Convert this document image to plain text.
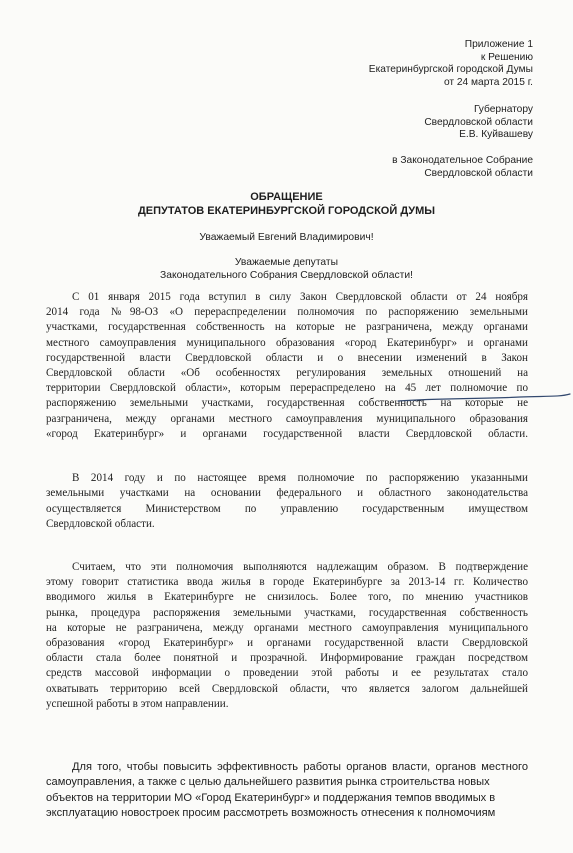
Приложение 1
к Решению
Екатеринбургской городской Думы
от 24 марта 2015 г.
Губернатору
Свердловской области
Е.В. Куйвашеву
в Законодательное Собрание
Свердловской области
ОБРАЩЕНИЕ
ДЕПУТАТОВ ЕКАТЕРИНБУРГСКОЙ ГОРОДСКОЙ ДУМЫ
Уважаемый Евгений Владимирович!
Уважаемые депутаты
Законодательного Собрания Свердловской области!
С 01 января 2015 года вступил в силу Закон Свердловской области от 24 ноября
2014 года №98-ОЗ «О перераспределении полномочия по распоряжению земельными
участками, государственная собственность на которые не разграничена, между органами
местного самоуправления муниципального образования «город Екатеринбург» и органами
государственной власти Свердловской области и о внесении изменений в Закон
Свердловской области «Об особенностях регулирования земельных отношений на
территории Свердловской области», которым перераспределено на 45 лет полномочие по
распоряжению земельными участками, государственная собственность на которые не
разграничена, между органами местного самоуправления муниципального образования
«город Екатеринбург» и органами государственной власти Свердловской области.
В 2014 году и по настоящее время полномочие по распоряжению указанными
земельными участками на основании федерального и областного законодательства
осуществляется Министерством по управлению государственным имуществом
Свердловской области.
Считаем, что эти полномочия выполняются надлежащим образом. В подтверждение
этому говорит статистика ввода жилья в городе Екатеринбурге за 2013-14 гг. Количество
вводимого жилья в Екатеринбурге не снизилось. Более того, по мнению участников
рынка, процедура распоряжения земельными участками, государственная собственность
на которые не разграничена, между органами местного самоуправления муниципального
образования «город Екатеринбург» и органами государственной власти Свердловской
области стала более понятной и прозрачной. Информирование граждан посредством
средств массовой информации о проведении этой работы и ее результатах стало
охватывать территорию всей Свердловской области, что является залогом дальнейшей
успешной работы в этом направлении.
Для того, чтобы повысить эффективность работы органов власти, органов местного
самоуправления, а также с целью дальнейшего развития рынка строительства новых
объектов на территории МО «Город Екатеринбург» и поддержания темпов вводимых в
эксплуатацию новостроек просим рассмотреть возможность отнесения к полномочиям
